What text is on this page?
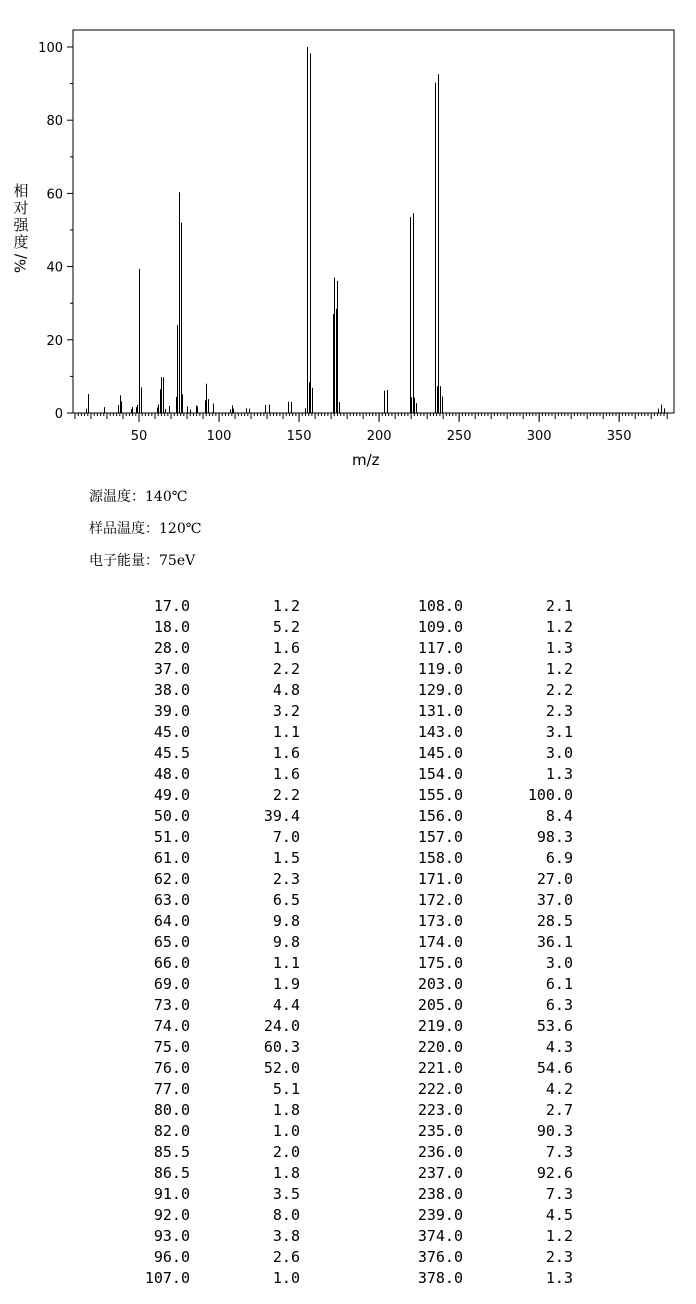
0
20
40
60
80
100
50	100	150	200	250	300	350
相
对
强
度
%/
m/z
源温度：140℃
样品温度：120℃
电子能量：75eV
17.0	1.2	108.0	2.1
18.0	5.2	109.0	1.2
28.0	1.6	117.0	1.3
37.0	2.2	119.0	1.2
38.0	4.8	129.0	2.2
39.0	3.2	131.0	2.3
45.0	1.1	143.0	3.1
45.5	1.6	145.0	3.0
48.0	1.6	154.0	1.3
49.0	2.2	155.0	100.0
50.0	39.4	156.0	8.4
51.0	7.0	157.0	98.3
61.0	1.5	158.0	6.9
62.0	2.3	171.0	27.0
63.0	6.5	172.0	37.0
64.0	9.8	173.0	28.5
65.0	9.8	174.0	36.1
66.0	1.1	175.0	3.0
69.0	1.9	203.0	6.1
73.0	4.4	205.0	6.3
74.0	24.0	219.0	53.6
75.0	60.3	220.0	4.3
76.0	52.0	221.0	54.6
77.0	5.1	222.0	4.2
80.0	1.8	223.0	2.7
82.0	1.0	235.0	90.3
85.5	2.0	236.0	7.3
86.5	1.8	237.0	92.6
91.0	3.5	238.0	7.3
92.0	8.0	239.0	4.5
93.0	3.8	374.0	1.2
96.0	2.6	376.0	2.3
107.0	1.0	378.0	1.3
